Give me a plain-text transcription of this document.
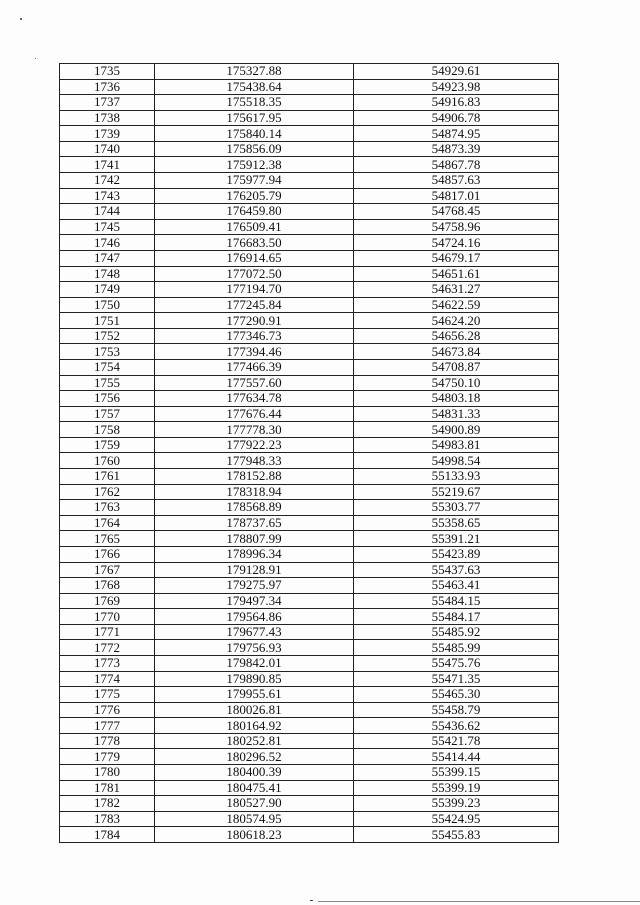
1735	175327.88	54929.61
1736	175438.64	54923.98
1737	175518.35	54916.83
1738	175617.95	54906.78
1739	175840.14	54874.95
1740	175856.09	54873.39
1741	175912.38	54867.78
1742	175977.94	54857.63
1743	176205.79	54817.01
1744	176459.80	54768.45
1745	176509.41	54758.96
1746	176683.50	54724.16
1747	176914.65	54679.17
1748	177072.50	54651.61
1749	177194.70	54631.27
1750	177245.84	54622.59
1751	177290.91	54624.20
1752	177346.73	54656.28
1753	177394.46	54673.84
1754	177466.39	54708.87
1755	177557.60	54750.10
1756	177634.78	54803.18
1757	177676.44	54831.33
1758	177778.30	54900.89
1759	177922.23	54983.81
1760	177948.33	54998.54
1761	178152.88	55133.93
1762	178318.94	55219.67
1763	178568.89	55303.77
1764	178737.65	55358.65
1765	178807.99	55391.21
1766	178996.34	55423.89
1767	179128.91	55437.63
1768	179275.97	55463.41
1769	179497.34	55484.15
1770	179564.86	55484.17
1771	179677.43	55485.92
1772	179756.93	55485.99
1773	179842.01	55475.76
1774	179890.85	55471.35
1775	179955.61	55465.30
1776	180026.81	55458.79
1777	180164.92	55436.62
1778	180252.81	55421.78
1779	180296.52	55414.44
1780	180400.39	55399.15
1781	180475.41	55399.19
1782	180527.90	55399.23
1783	180574.95	55424.95
1784	180618.23	55455.83
